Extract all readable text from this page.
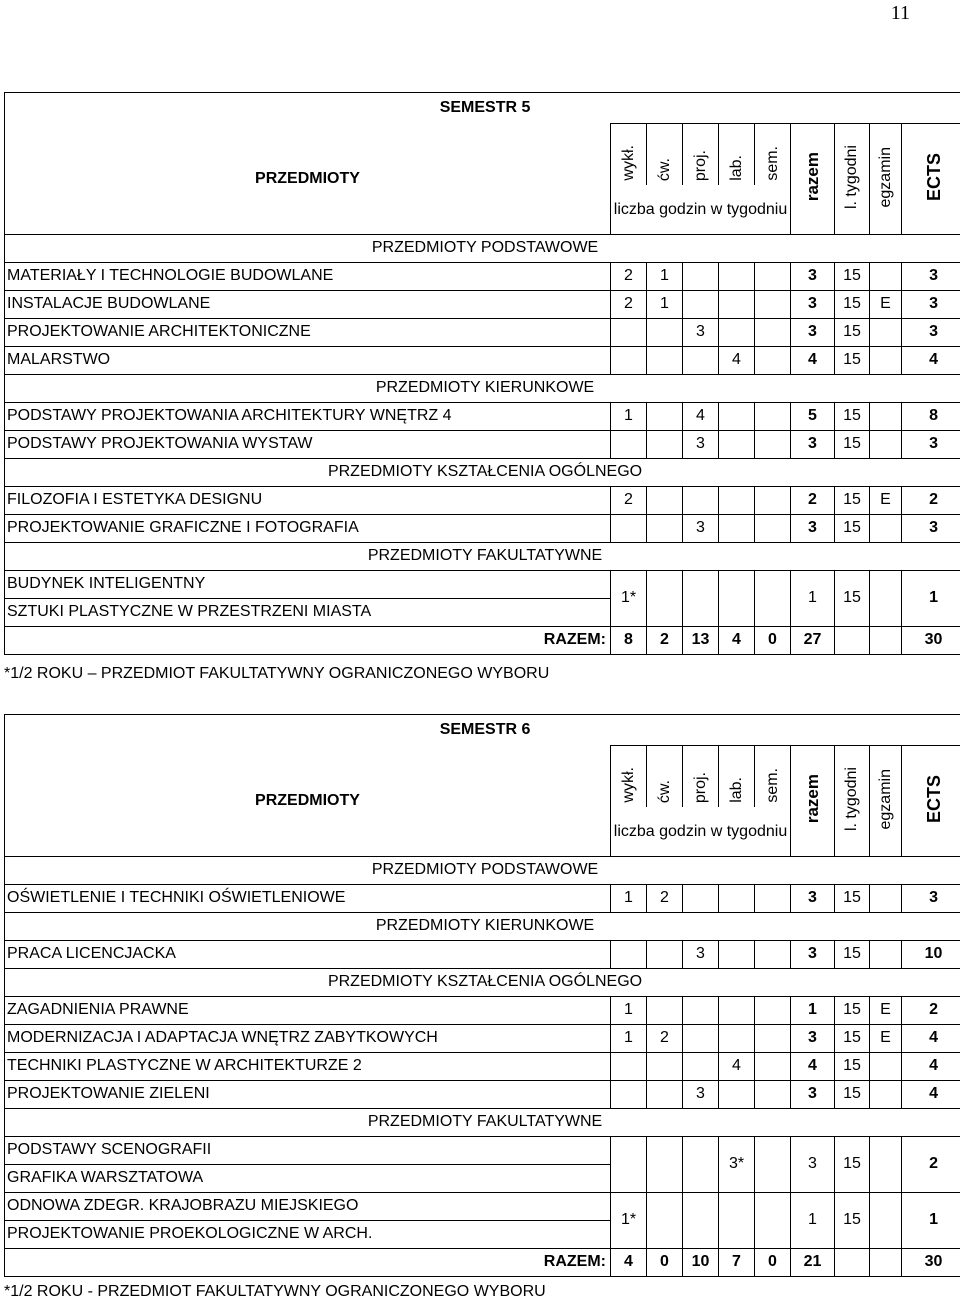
11
SEMESTR 5									
PRZEDMIOTY	wykł.	ćw.	proj.	lab.	sem.	razem	l. tygodni	egzamin	ECTS
	liczba godzin w tygodniu								
PRZEDMIOTY PODSTAWOWE									
MATERIAŁY I TECHNOLOGIE BUDOWLANE	2	1				3	15		3
INSTALACJE BUDOWLANE	2	1				3	15	E	3
PROJEKTOWANIE ARCHITEKTONICZNE			3			3	15		3
MALARSTWO				4		4	15		4
PRZEDMIOTY KIERUNKOWE									
PODSTAWY PROJEKTOWANIA ARCHITEKTURY WNĘTRZ 4	1		4			5	15		8
PODSTAWY PROJEKTOWANIA WYSTAW			3			3	15		3
PRZEDMIOTY KSZTAŁCENIA OGÓLNEGO									
FILOZOFIA I ESTETYKA DESIGNU	2					2	15	E	2
PROJEKTOWANIE GRAFICZNE I FOTOGRAFIA			3			3	15		3
PRZEDMIOTY FAKULTATYWNE									
BUDYNEK INTELIGENTNY	1*					1	15		1
SZTUKI PLASTYCZNE W PRZESTRZENI MIASTA									
RAZEM:	8	2	13	4	0	27			30
*1/2 ROKU – PRZEDMIOT FAKULTATYWNY OGRANICZONEGO WYBORU
SEMESTR 6									
PRZEDMIOTY	wykł.	ćw.	proj.	lab.	sem.	razem	l. tygodni	egzamin	ECTS
	liczba godzin w tygodniu								
PRZEDMIOTY PODSTAWOWE									
OŚWIETLENIE I TECHNIKI OŚWIETLENIOWE	1	2				3	15		3
PRZEDMIOTY KIERUNKOWE									
PRACA LICENCJACKA			3			3	15		10
PRZEDMIOTY KSZTAŁCENIA OGÓLNEGO									
ZAGADNIENIA PRAWNE	1					1	15	E	2
MODERNIZACJA I ADAPTACJA WNĘTRZ ZABYTKOWYCH	1	2				3	15	E	4
TECHNIKI PLASTYCZNE W ARCHITEKTURZE 2				4		4	15		4
PROJEKTOWANIE ZIELENI			3			3	15		4
PRZEDMIOTY FAKULTATYWNE									
PODSTAWY SCENOGRAFII				3*		3	15		2
GRAFIKA WARSZTATOWA									
ODNOWA ZDEGR. KRAJOBRAZU MIEJSKIEGO	1*					1	15		1
PROJEKTOWANIE PROEKOLOGICZNE W ARCH.									
RAZEM:	4	0	10	7	0	21			30
*1/2 ROKU - PRZEDMIOT FAKULTATYWNY OGRANICZONEGO WYBORU
